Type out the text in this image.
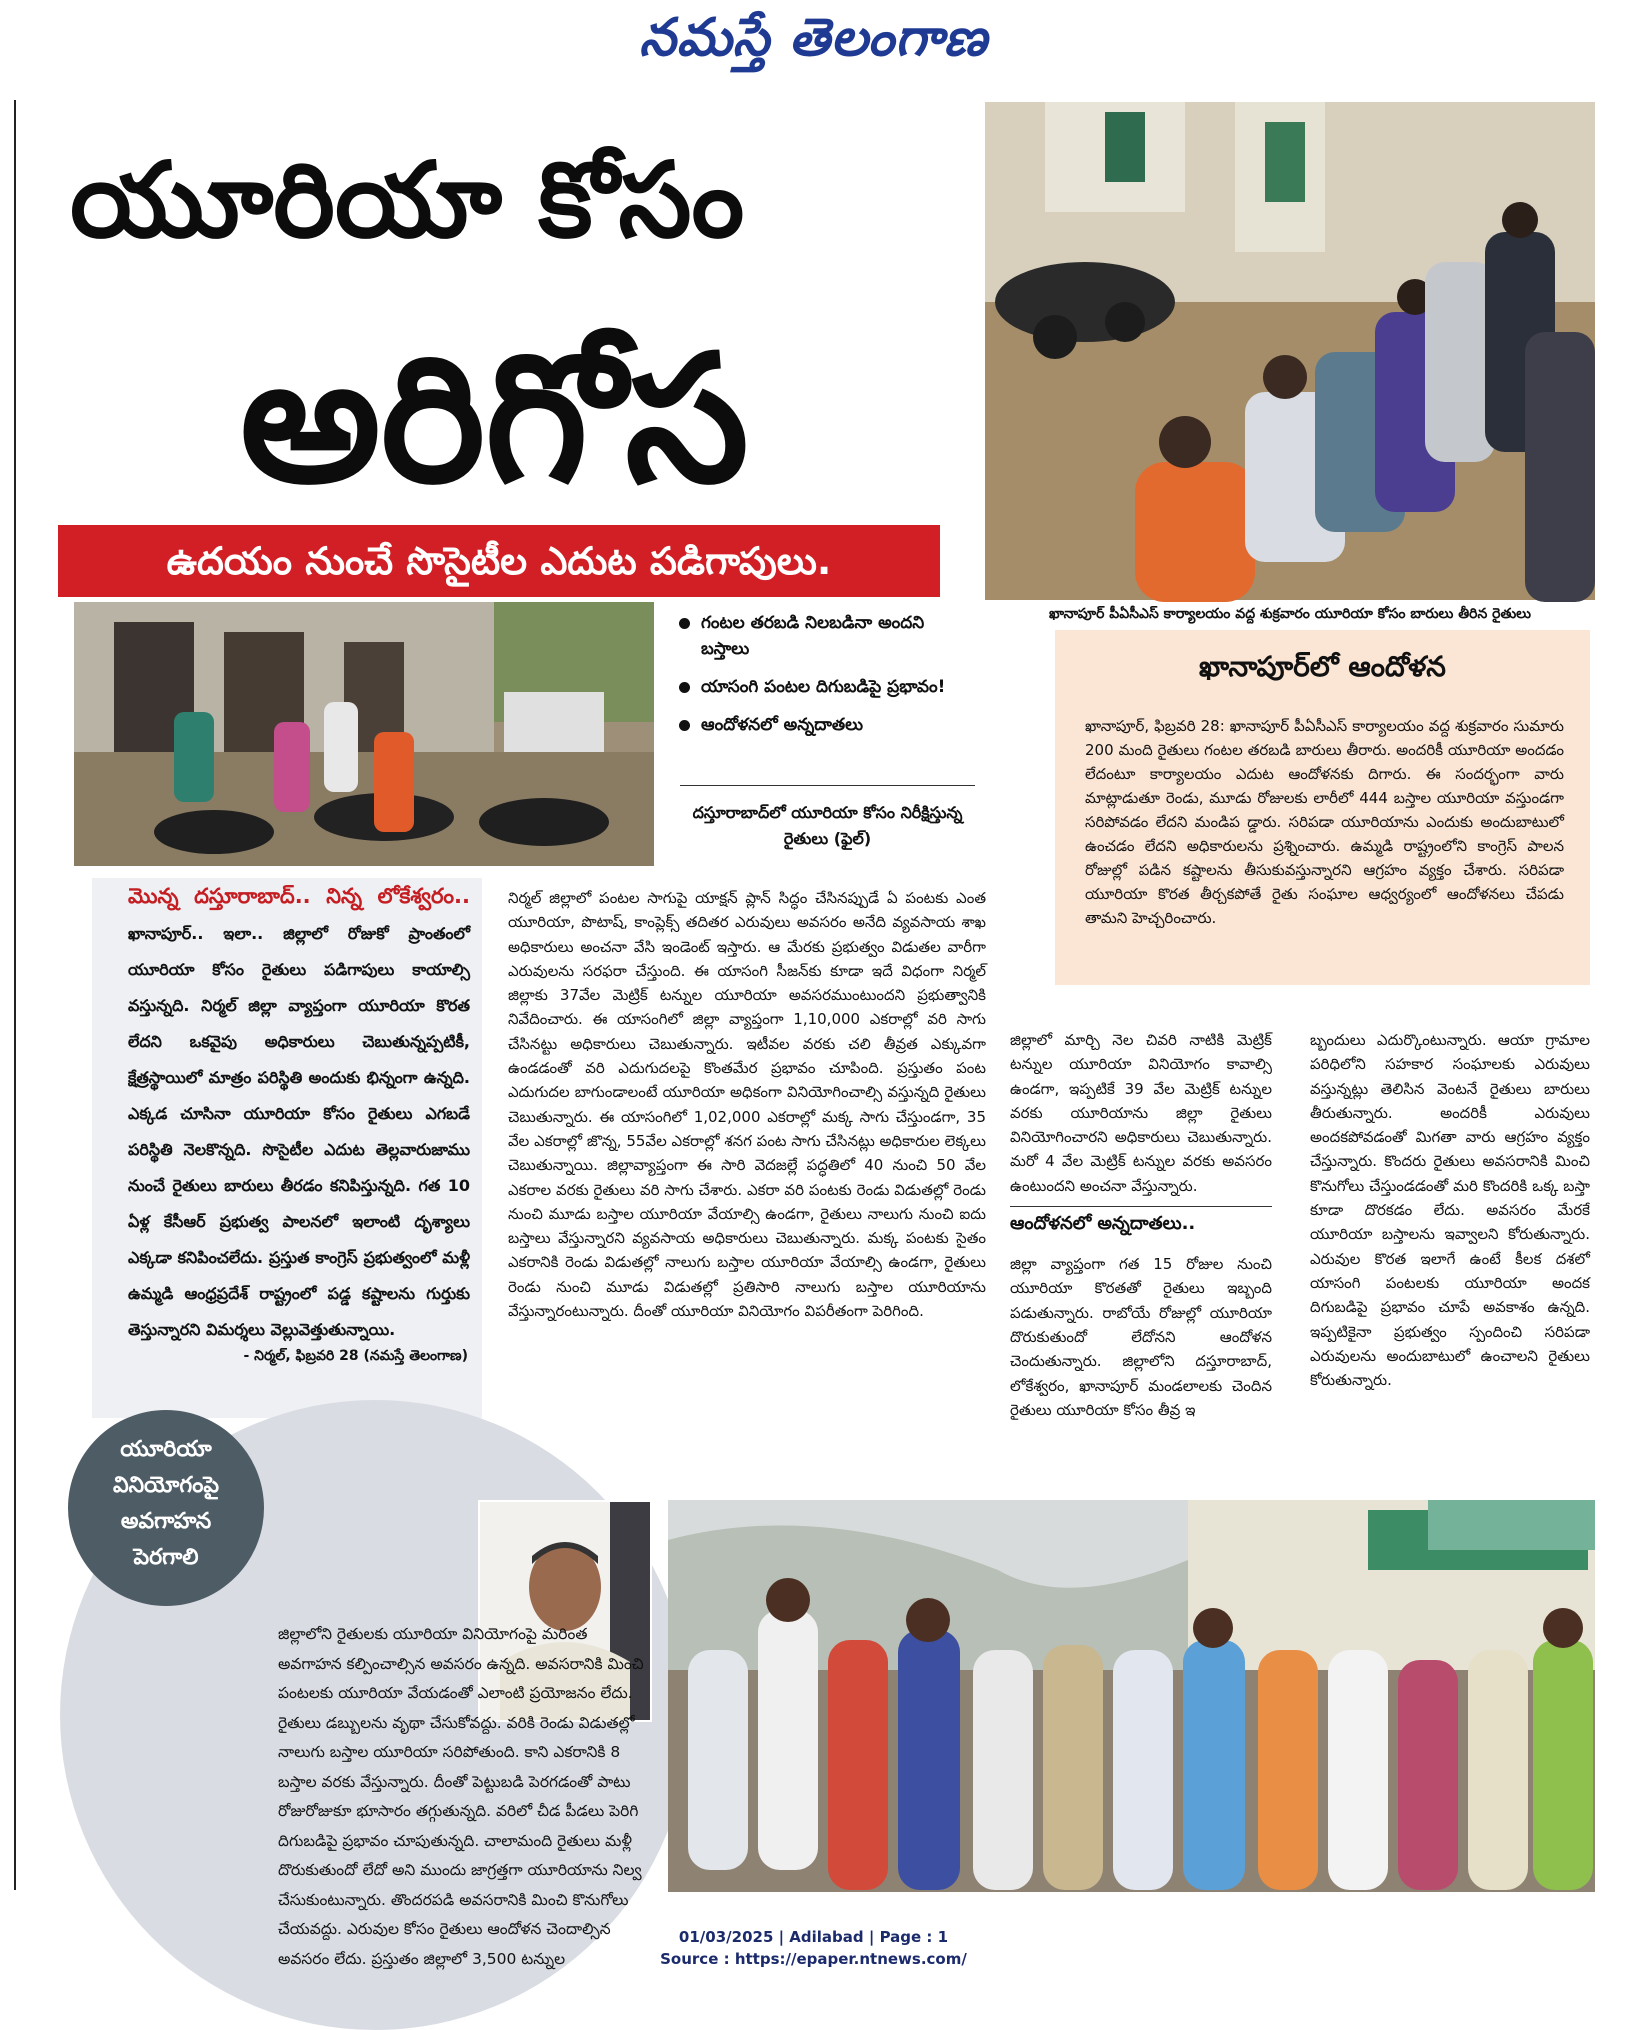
నమస్తే తెలంగాణ
యూరియా కోసం
అరిగోస
ఉదయం నుంచే సొసైటీల ఎదుట పడిగాపులు.
ఖానాపూర్ పీఏసీఎస్ కార్యాలయం వద్ద శుక్రవారం యూరియా కోసం బారులు తీరిన రైతులు
ఖానాపూర్‌లో ఆందోళన
ఖానాపూర్, ఫిబ్రవరి 28: ఖానాపూర్ పీఏసీఎస్ కార్యాలయం వద్ద శుక్రవారం సుమారు 200 మంది రైతులు గంటల తరబడి బారులు తీరారు. అందరికీ యూరియా అందడం లేదంటూ కార్యాలయం ఎదుట ఆందోళనకు దిగారు. ఈ సందర్భంగా వారు మాట్లాడుతూ రెండు, మూడు రోజులకు లారీలో 444 బస్తాల యూరియా వస్తుండగా సరిపోవడం లేదని మండిప డ్డారు. సరిపడా యూరియాను ఎందుకు అందుబాటులో ఉంచడం లేదని అధికారులను ప్రశ్నించారు. ఉమ్మడి రాష్ట్రంలోని కాంగ్రెస్ పాలన రోజుల్లో పడిన కష్టాలను తీసుకువస్తున్నారని ఆగ్రహం వ్యక్తం చేశారు. సరిపడా యూరియా కొరత తీర్చకపోతే రైతు సంఘాల ఆధ్వర్యంలో ఆందోళనలు చేపడు తామని హెచ్చరించారు.
గంటల తరబడి నిలబడినా అందని బస్తాలు
యాసంగి పంటల దిగుబడిపై ప్రభావం!
ఆందోళనలో అన్నదాతలు
దస్తూరాబాద్‌లో యూరియా కోసం నిరీక్షిస్తున్న రైతులు (ఫైల్)
మొన్న దస్తూరాబాద్.. నిన్న లోకేశ్వరం.. ఖానాపూర్.. ఇలా.. జిల్లాలో రోజుకో ప్రాంతంలో యూరియా కోసం రైతులు పడిగాపులు కాయాల్సి వస్తున్నది. నిర్మల్ జిల్లా వ్యాప్తంగా యూరియా కొరత లేదని ఒకవైపు అధికారులు చెబుతున్నప్పటికీ, క్షేత్రస్థాయిలో మాత్రం పరిస్థితి అందుకు భిన్నంగా ఉన్నది. ఎక్కడ చూసినా యూరియా కోసం రైతులు ఎగబడే పరిస్థితి నెలకొన్నది. సొసైటీల ఎదుట తెల్లవారుజాము నుంచే రైతులు బారులు తీరడం కనిపిస్తున్నది. గత 10 ఏళ్ల కేసీఆర్ ప్రభుత్వ పాలనలో ఇలాంటి దృశ్యాలు ఎక్కడా కనిపించలేదు. ప్రస్తుత కాంగ్రెస్ ప్రభుత్వంలో మళ్లీ ఉమ్మడి ఆంధ్రప్రదేశ్ రాష్ట్రంలో పడ్డ కష్టాలను గుర్తుకు తెస్తున్నారని విమర్శలు వెల్లువెత్తుతున్నాయి.
- నిర్మల్, ఫిబ్రవరి 28 (నమస్తే తెలంగాణ)
నిర్మల్ జిల్లాలో పంటల సాగుపై యాక్షన్ ప్లాన్ సిద్ధం చేసినప్పుడే ఏ పంటకు ఎంత యూరియా, పొటాష్, కాంప్లెక్స్ తదితర ఎరువులు అవసరం అనేది వ్యవసాయ శాఖ అధికారులు అంచనా వేసి ఇండెంట్ ఇస్తారు. ఆ మేరకు ప్రభుత్వం విడుతల వారీగా ఎరువులను సరఫరా చేస్తుంది. ఈ యాసంగి సీజన్‌కు కూడా ఇదే విధంగా నిర్మల్ జిల్లాకు 37వేల మెట్రిక్ టన్నుల యూరియా అవసరముంటుందని ప్రభుత్వానికి నివేదించారు. ఈ యాసంగిలో జిల్లా వ్యాప్తంగా 1,10,000 ఎకరాల్లో వరి సాగు చేసినట్టు అధికారులు చెబుతున్నారు. ఇటీవల వరకు చలి తీవ్రత ఎక్కువగా ఉండడంతో వరి ఎదుగుదలపై కొంతమేర ప్రభావం చూపింది. ప్రస్తుతం పంట ఎదుగుదల బాగుండాలంటే యూరియా అధికంగా వినియోగించాల్సి వస్తున్నది రైతులు చెబుతున్నారు. ఈ యాసంగిలో 1,02,000 ఎకరాల్లో మక్క సాగు చేస్తుండగా, 35 వేల ఎకరాల్లో జొన్న, 55వేల ఎకరాల్లో శనగ పంట సాగు చేసినట్లు అధికారుల లెక్కలు చెబుతున్నాయి. జిల్లావ్యాప్తంగా ఈ సారి వెదజల్లే పద్ధతిలో 40 నుంచి 50 వేల ఎకరాల వరకు రైతులు వరి సాగు చేశారు. ఎకరా వరి పంటకు రెండు విడుతల్లో రెండు నుంచి మూడు బస్తాల యూరియా వేయాల్సి ఉండగా, రైతులు నాలుగు నుంచి ఐదు బస్తాలు వేస్తున్నారని వ్యవసాయ అధికారులు చెబుతున్నారు. మక్క పంటకు సైతం ఎకరానికి రెండు విడుతల్లో నాలుగు బస్తాల యూరియా వేయాల్సి ఉండగా, రైతులు రెండు నుంచి మూడు విడుతల్లో ప్రతిసారి నాలుగు బస్తాల యూరియాను వేస్తున్నారంటున్నారు. దీంతో యూరియా వినియోగం విపరీతంగా పెరిగింది.
జిల్లాలో మార్చి నెల చివరి నాటికి మెట్రిక్ టన్నుల యూరియా వినియోగం కావాల్సి ఉండగా, ఇప్పటికే 39 వేల మెట్రిక్ టన్నుల వరకు యూరియాను జిల్లా రైతులు వినియోగించారని అధికారులు చెబుతున్నారు. మరో 4 వేల మెట్రిక్ టన్నుల వరకు అవసరం ఉంటుందని అంచనా వేస్తున్నారు.
ఆందోళనలో అన్నదాతలు..
జిల్లా వ్యాప్తంగా గత 15 రోజుల నుంచి యూరియా కొరతతో రైతులు ఇబ్బంది పడుతున్నారు. రాబోయే రోజుల్లో యూరియా దొరుకుతుందో లేదోనని ఆందోళన చెందుతున్నారు. జిల్లాలోని దస్తూరాబాద్, లోకేశ్వరం, ఖానాపూర్ మండలాలకు చెందిన రైతులు యూరియా కోసం తీవ్ర ఇ
బ్బందులు ఎదుర్కొంటున్నారు. ఆయా గ్రామాల పరిధిలోని సహకార సంఘాలకు ఎరువులు వస్తున్నట్లు తెలిసిన వెంటనే రైతులు బారులు తీరుతున్నారు. అందరికీ ఎరువులు అందకపోవడంతో మిగతా వారు ఆగ్రహం వ్యక్తం చేస్తున్నారు. కొందరు రైతులు అవసరానికి మించి కొనుగోలు చేస్తుండడంతో మరి కొందరికి ఒక్క బస్తా కూడా దొరకడం లేదు. అవసరం మేరకే యూరియా బస్తాలను ఇవ్వాలని కోరుతున్నారు. ఎరువుల కొరత ఇలాగే ఉంటే కీలక దశలో యాసంగి పంటలకు యూరియా అందక దిగుబడిపై ప్రభావం చూపే అవకాశం ఉన్నది. ఇప్పటికైనా ప్రభుత్వం స్పందించి సరిపడా ఎరువులను అందుబాటులో ఉంచాలని రైతులు కోరుతున్నారు.
యూరియా
వినియోగంపై
అవగాహన
పెరగాలి
జిల్లాలోని రైతులకు యూరియా వినియోగంపై మరింత అవగాహన కల్పించాల్సిన అవసరం ఉన్నది. అవసరానికి మించి పంటలకు యూరియా వేయడంతో ఎలాంటి ప్రయోజనం లేదు. రైతులు డబ్బులను వృథా చేసుకోవద్దు. వరికి రెండు విడుతల్లో నాలుగు బస్తాల యూరియా సరిపోతుంది. కాని ఎకరానికి 8 బస్తాల వరకు వేస్తున్నారు. దీంతో పెట్టుబడి పెరగడంతో పాటు రోజురోజుకూ భూసారం తగ్గుతున్నది. వరిలో చీడ పీడలు పెరిగి దిగుబడిపై ప్రభావం చూపుతున్నది. చాలామంది రైతులు మళ్లీ దొరుకుతుందో లేదో అని ముందు జాగ్రత్తగా యూరియాను నిల్వ చేసుకుంటున్నారు. తొందరపడి అవసరానికి మించి కొనుగోలు చేయవద్దు. ఎరువుల కోసం రైతులు ఆందోళన చెందాల్సిన అవసరం లేదు. ప్రస్తుతం జిల్లాలో 3,500 టన్నుల
01/03/2025 | Adilabad | Page : 1
Source : https://epaper.ntnews.com/
